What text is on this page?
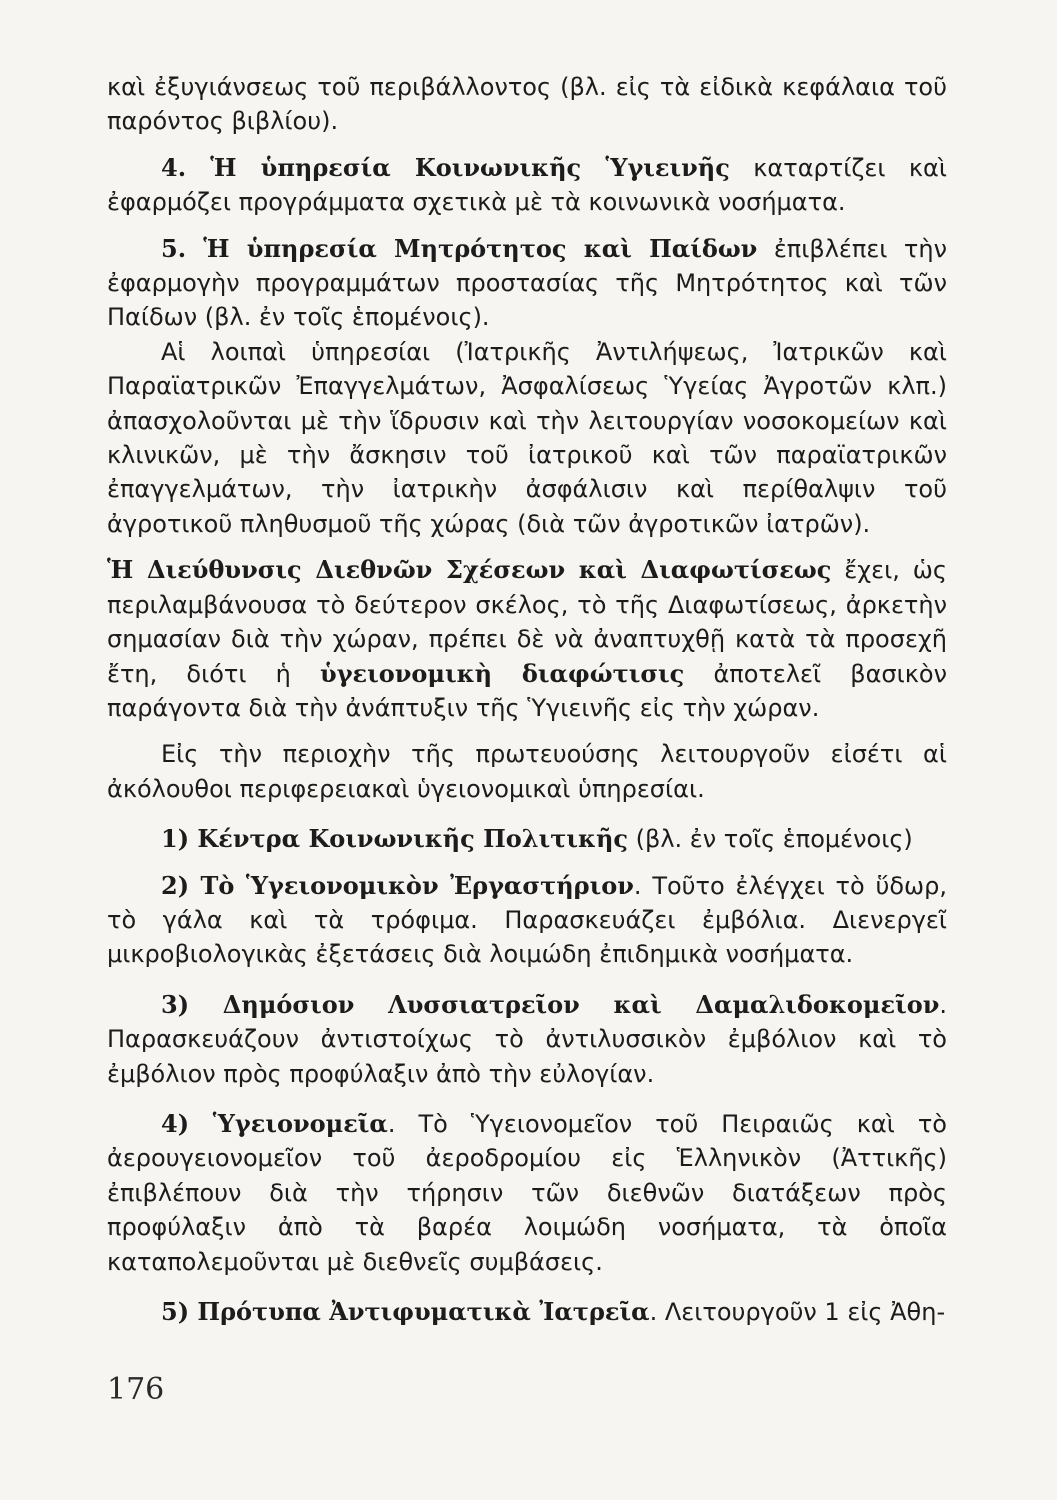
καὶ ἐξυγιάνσεως τοῦ περιβάλλοντος (βλ. εἰς τὰ εἰδικὰ κεφάλαια τοῦ παρόντος βιβλίου).

4. Ἡ ὑπηρεσία Κοινωνικῆς Ὑγιεινῆς καταρτίζει καὶ ἐφαρμόζει προγράμματα σχετικὰ μὲ τὰ κοινωνικὰ νοσήματα.

5. Ἡ ὑπηρεσία Μητρότητος καὶ Παίδων ἐπιβλέπει τὴν ἐφαρμογὴν προγραμμάτων προστασίας τῆς Μητρότητος καὶ τῶν Παίδων (βλ. ἐν τοῖς ἑπομένοις).

Αἱ λοιπαὶ ὑπηρεσίαι (Ἰατρικῆς Ἀντιλήψεως, Ἰατρικῶν καὶ Παραϊατρικῶν Ἐπαγγελμάτων, Ἀσφαλίσεως Ὑγείας Ἀγροτῶν κλπ.) ἀπασχολοῦνται μὲ τὴν ἵδρυσιν καὶ τὴν λειτουργίαν νοσοκομείων καὶ κλινικῶν, μὲ τὴν ἄσκησιν τοῦ ἰατρικοῦ καὶ τῶν παραϊατρικῶν ἐπαγγελμάτων, τὴν ἰατρικὴν ἀσφάλισιν καὶ περίθαλψιν τοῦ ἀγροτικοῦ πληθυσμοῦ τῆς χώρας (διὰ τῶν ἀγροτικῶν ἰατρῶν).

Ἡ Διεύθυνσις Διεθνῶν Σχέσεων καὶ Διαφωτίσεως ἔχει, ὡς περιλαμβάνουσα τὸ δεύτερον σκέλος, τὸ τῆς Διαφωτίσεως, ἀρκετὴν σημασίαν διὰ τὴν χώραν, πρέπει δὲ νὰ ἀναπτυχθῇ κατὰ τὰ προσεχῆ ἔτη, διότι ἡ ὑγειονομικὴ διαφώτισις ἀποτελεῖ βασικὸν παράγοντα διὰ τὴν ἀνάπτυξιν τῆς Ὑγιεινῆς εἰς τὴν χώραν.

Εἰς τὴν περιοχὴν τῆς πρωτευούσης λειτουργοῦν εἰσέτι αἱ ἀκόλουθοι περιφερειακαὶ ὑγειονομικαὶ ὑπηρεσίαι.

1) Κέντρα Κοινωνικῆς Πολιτικῆς (βλ. ἐν τοῖς ἑπομένοις)

2) Τὸ Ὑγειονομικὸν Ἐργαστήριον. Τοῦτο ἐλέγχει τὸ ὕδωρ, τὸ γάλα καὶ τὰ τρόφιμα. Παρασκευάζει ἐμβόλια. Διενεργεῖ μικροβιολογικὰς ἐξετάσεις διὰ λοιμώδη ἐπιδημικὰ νοσήματα.

3) Δημόσιον Λυσσιατρεῖον καὶ Δαμαλιδοκομεῖον. Παρασκευάζουν ἀντιστοίχως τὸ ἀντιλυσσικὸν ἐμβόλιον καὶ τὸ ἐμβόλιον πρὸς προφύλαξιν ἀπὸ τὴν εὐλογίαν.

4) Ὑγειονομεῖα. Τὸ Ὑγειονομεῖον τοῦ Πειραιῶς καὶ τὸ ἀερουγειονομεῖον τοῦ ἀεροδρομίου εἰς Ἑλληνικὸν (Ἀττικῆς) ἐπιβλέπουν διὰ τὴν τήρησιν τῶν διεθνῶν διατάξεων πρὸς προφύλαξιν ἀπὸ τὰ βαρέα λοιμώδη νοσήματα, τὰ ὁποῖα καταπολεμοῦνται μὲ διεθνεῖς συμβάσεις.

5) Πρότυπα Ἀντιφυματικὰ Ἰατρεῖα. Λειτουργοῦν 1 εἰς Ἀθη-

176
